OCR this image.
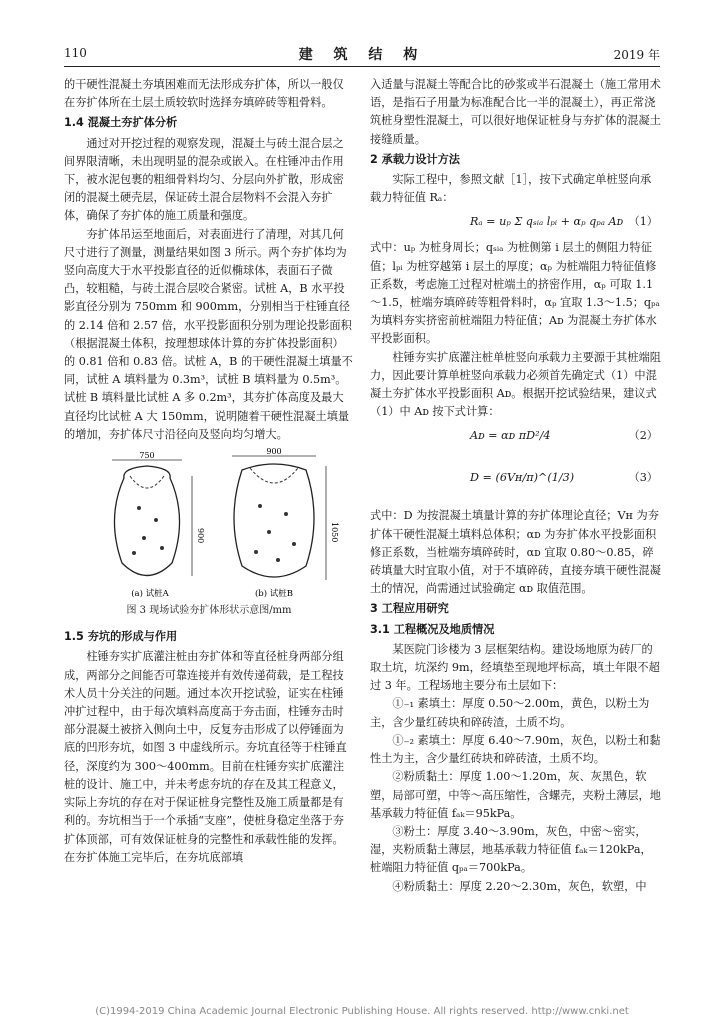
110	建 筑 结 构	2019 年

的干硬性混凝土夯填困难而无法形成夯扩体，所以一般仅在夯扩体所在土层土质较软时选择夯填碎砖等粗骨料。

1.4 混凝土夯扩体分析

通过对开挖过程的观察发现，混凝土与砖土混合层之间界限清晰，未出现明显的混杂或嵌入。在柱锤冲击作用下，被水泥包裹的粗细骨料均匀、分层向外扩散，形成密闭的混凝土硬壳层，保证砖土混合层物料不会混入夯扩体，确保了夯扩体的施工质量和强度。

夯扩体吊运至地面后，对表面进行了清理，对其几何尺寸进行了测量，测量结果如图 3 所示。两个夯扩体均为竖向高度大于水平投影直径的近似椭球体，表面石子微凸，较粗糙，与砖土混合层咬合紧密。试桩 A，B 水平投影直径分别为 750mm 和 900mm，分别相当于柱锤直径的 2.14 倍和 2.57 倍，水平投影面积分别为理论投影面积（根据混凝土体积，按理想球体计算的夯扩体投影面积）的 0.81 倍和 0.83 倍。试桩 A，B 的干硬性混凝土填量不同，试桩 A 填料量为 0.3m³，试桩 B 填料量为 0.5m³。试桩 B 填料量比试桩 A 多 0.2m³，其夯扩体高度及最大直径均比试桩 A 大 150mm，说明随着干硬性混凝土填量的增加，夯扩体尺寸沿径向及竖向均匀增大。

750
900
(a) 试桩A
900
1050
(b) 试桩B

图 3 现场试验夯扩体形状示意图/mm

1.5 夯坑的形成与作用

柱锤夯实扩底灌注桩由夯扩体和等直径桩身两部分组成，两部分之间能否可靠连接并有效传递荷载，是工程技术人员十分关注的问题。通过本次开挖试验，证实在柱锤冲扩过程中，由于每次填料高度高于夯击面，柱锤夯击时部分混凝土被挤入侧向土中，反复夯击形成了以停锤面为底的凹形夯坑，如图 3 中虚线所示。夯坑直径等于柱锤直径，深度约为 300～400mm。目前在柱锤夯实扩底灌注桩的设计、施工中，并未考虑夯坑的存在及其工程意义，实际上夯坑的存在对于保证桩身完整性及施工质量都是有利的。夯坑相当于一个承插“支座”，使桩身稳定坐落于夯扩体顶部，可有效保证桩身的完整性和承载性能的发挥。在夯扩体施工完毕后，在夯坑底部填

入适量与混凝土等配合比的砂浆或半石混凝土（施工常用术语，是指石子用量为标准配合比一半的混凝土），再正常浇筑桩身塑性混凝土，可以很好地保证桩身与夯扩体的混凝土接缝质量。

2 承载力设计方法

实际工程中，参照文献［1］，按下式确定单桩竖向承载力特征值 Rₐ：

Rₐ = uₚ Σ qₛᵢₐ lₚᵢ + αₚ qₚₐ Aᴅ （1）

式中：uₚ 为桩身周长；qₛᵢₐ 为桩侧第 i 层土的侧阻力特征值；lₚᵢ 为桩穿越第 i 层土的厚度；αₚ 为桩端阻力特征值修正系数，考虑施工过程对桩端土的挤密作用，αₚ 可取 1.1～1.5，桩端夯填碎砖等粗骨料时，αₚ 宜取 1.3～1.5；qₚₐ 为填料夯实挤密前桩端阻力特征值；Aᴅ 为混凝土夯扩体水平投影面积。

柱锤夯实扩底灌注桩单桩竖向承载力主要源于其桩端阻力，因此要计算单桩竖向承载力必须首先确定式（1）中混凝土夯扩体水平投影面积 Aᴅ。根据开挖试验结果，建议式（1）中 Aᴅ 按下式计算：

Aᴅ = αᴅ πD²/4	（2）
D = (6Vʜ/π)^(1/3)	（3）

式中：D 为按混凝土填量计算的夯扩体理论直径；Vʜ 为夯扩体干硬性混凝土填料总体积；αᴅ 为夯扩体水平投影面积修正系数，当桩端夯填碎砖时，αᴅ 宜取 0.80～0.85，碎砖填量大时宜取小值，对于不填碎砖，直接夯填干硬性混凝土的情况，尚需通过试验确定 αᴅ 取值范围。

3 工程应用研究

3.1 工程概况及地质情况

某医院门诊楼为 3 层框架结构。建设场地原为砖厂的取土坑，坑深约 9m，经填垫至现地坪标高，填土年限不超过 3 年。工程场地主要分布土层如下：

①₋₁ 素填土：厚度 0.50～2.00m，黄色，以粉土为主，含少量红砖块和碎砖渣，土质不均。

①₋₂ 素填土：厚度 6.40～7.90m，灰色，以粉土和黏性土为主，含少量红砖块和碎砖渣，土质不均。

②粉质黏土：厚度 1.00～1.20m，灰、灰黑色，软塑，局部可塑，中等～高压缩性，含螺壳，夹粉土薄层，地基承载力特征值 fₐₖ＝95kPa。

③粉土：厚度 3.40～3.90m，灰色，中密～密实，湿，夹粉质黏土薄层，地基承载力特征值 fₐₖ＝120kPa，桩端阻力特征值 qₚₐ＝700kPa。

④粉质黏土：厚度 2.20～2.30m，灰色，软塑，中

(C)1994-2019 China Academic Journal Electronic Publishing House. All rights reserved. http://www.cnki.net
